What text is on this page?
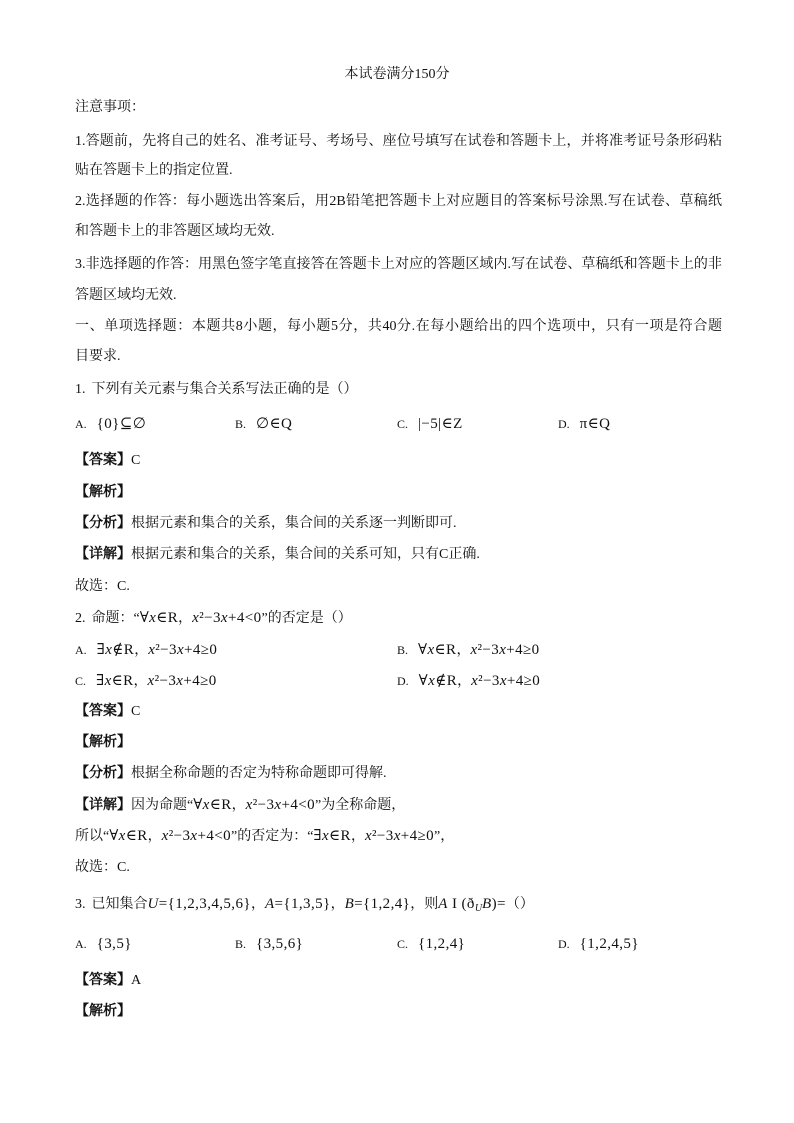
本试卷满分150分
注意事项：
1.答题前，先将自己的姓名、准考证号、考场号、座位号填写在试卷和答题卡上，并将准考证号条形码粘
贴在答题卡上的指定位置.
2.选择题的作答：每小题选出答案后，用2B铅笔把答题卡上对应题目的答案标号涂黑.写在试卷、草稿纸
和答题卡上的非答题区域均无效.
3.非选择题的作答：用黑色签字笔直接答在答题卡上对应的答题区域内.写在试卷、草稿纸和答题卡上的非
答题区域均无效.
一、单项选择题：本题共8小题，每小题5分，共40分.在每小题给出的四个选项中，只有一项是符合题
目要求.
1. 下列有关元素与集合关系写法正确的是（）
A. {0}⊆∅	B. ∅∈Q	C. |−5|∈Z	D. π∈Q
【答案】C
【解析】
【分析】根据元素和集合的关系，集合间的关系逐一判断即可.
【详解】根据元素和集合的关系，集合间的关系可知，只有C正确.
故选：C.
2. 命题：“∀x∈R，x²−3x+4<0”的否定是（）
A. ∃x∉R，x²−3x+4≥0	B. ∀x∈R，x²−3x+4≥0
C. ∃x∈R，x²−3x+4≥0	D. ∀x∉R，x²−3x+4≥0
【答案】C
【解析】
【分析】根据全称命题的否定为特称命题即可得解.
【详解】因为命题“∀x∈R，x²−3x+4<0”为全称命题，
所以“∀x∈R，x²−3x+4<0”的否定为：“∃x∈R，x²−3x+4≥0”，
故选：C.
3. 已知集合U={1,2,3,4,5,6}，A={1,3,5}，B={1,2,4}，则A I $(ð_UB)=()$
A. {3,5}	B. {3,5,6}	C. {1,2,4}	D. {1,2,4,5}
【答案】A
【解析】
